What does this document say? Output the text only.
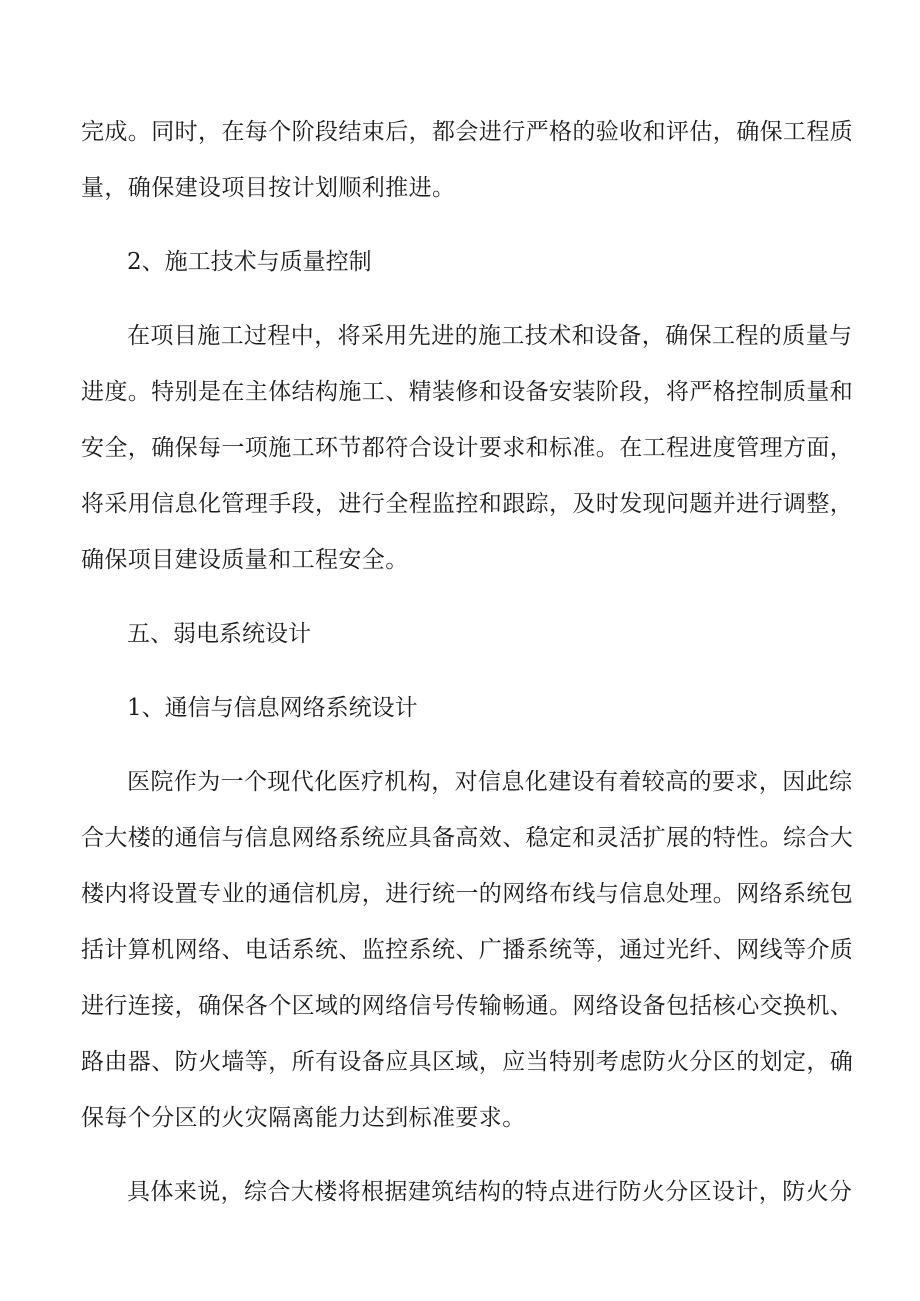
完成。同时，在每个阶段结束后，都会进行严格的验收和评估，确保工程质
量，确保建设项目按计划顺利推进。
2、施工技术与质量控制
在项目施工过程中，将采用先进的施工技术和设备，确保工程的质量与
进度。特别是在主体结构施工、精装修和设备安装阶段，将严格控制质量和
安全，确保每一项施工环节都符合设计要求和标准。在工程进度管理方面，
将采用信息化管理手段，进行全程监控和跟踪，及时发现问题并进行调整，
确保项目建设质量和工程安全。
五、弱电系统设计
1、通信与信息网络系统设计
医院作为一个现代化医疗机构，对信息化建设有着较高的要求，因此综
合大楼的通信与信息网络系统应具备高效、稳定和灵活扩展的特性。综合大
楼内将设置专业的通信机房，进行统一的网络布线与信息处理。网络系统包
括计算机网络、电话系统、监控系统、广播系统等，通过光纤、网线等介质
进行连接，确保各个区域的网络信号传输畅通。网络设备包括核心交换机、
路由器、防火墙等，所有设备应具区域，应当特别考虑防火分区的划定，确
保每个分区的火灾隔离能力达到标准要求。
具体来说，综合大楼将根据建筑结构的特点进行防火分区设计，防火分
